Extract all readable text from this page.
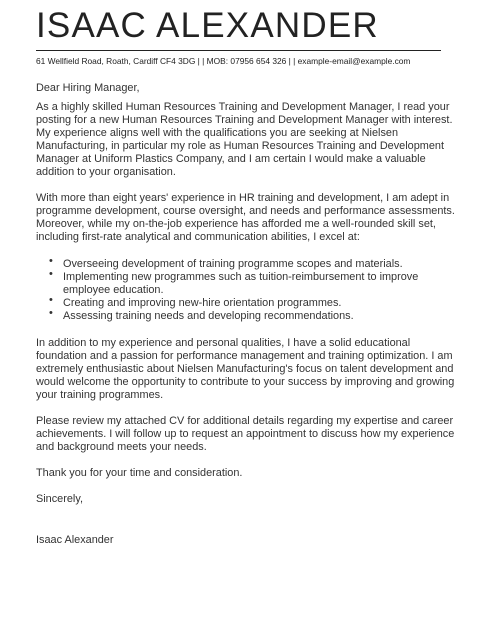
ISAAC ALEXANDER
61 Wellfield Road, Roath, Cardiff CF4 3DG | | MOB: 07956 654 326 | | example-email@example.com

Dear Hiring Manager,

As a highly skilled Human Resources Training and Development Manager, I read your posting for a new Human Resources Training and Development Manager with interest. My experience aligns well with the qualifications you are seeking at Nielsen Manufacturing, in particular my role as Human Resources Training and Development Manager at Uniform Plastics Company, and I am certain I would make a valuable addition to your organisation.

With more than eight years' experience in HR training and development, I am adept in programme development, course oversight, and needs and performance assessments. Moreover, while my on-the-job experience has afforded me a well-rounded skill set, including first-rate analytical and communication abilities, I excel at:

• Overseeing development of training programme scopes and materials.
• Implementing new programmes such as tuition-reimbursement to improve employee education.
• Creating and improving new-hire orientation programmes.
• Assessing training needs and developing recommendations.

In addition to my experience and personal qualities, I have a solid educational foundation and a passion for performance management and training optimization. I am extremely enthusiastic about Nielsen Manufacturing's focus on talent development and would welcome the opportunity to contribute to your success by improving and growing your training programmes.

Please review my attached CV for additional details regarding my expertise and career achievements. I will follow up to request an appointment to discuss how my experience and background meets your needs.

Thank you for your time and consideration.

Sincerely,

Isaac Alexander
